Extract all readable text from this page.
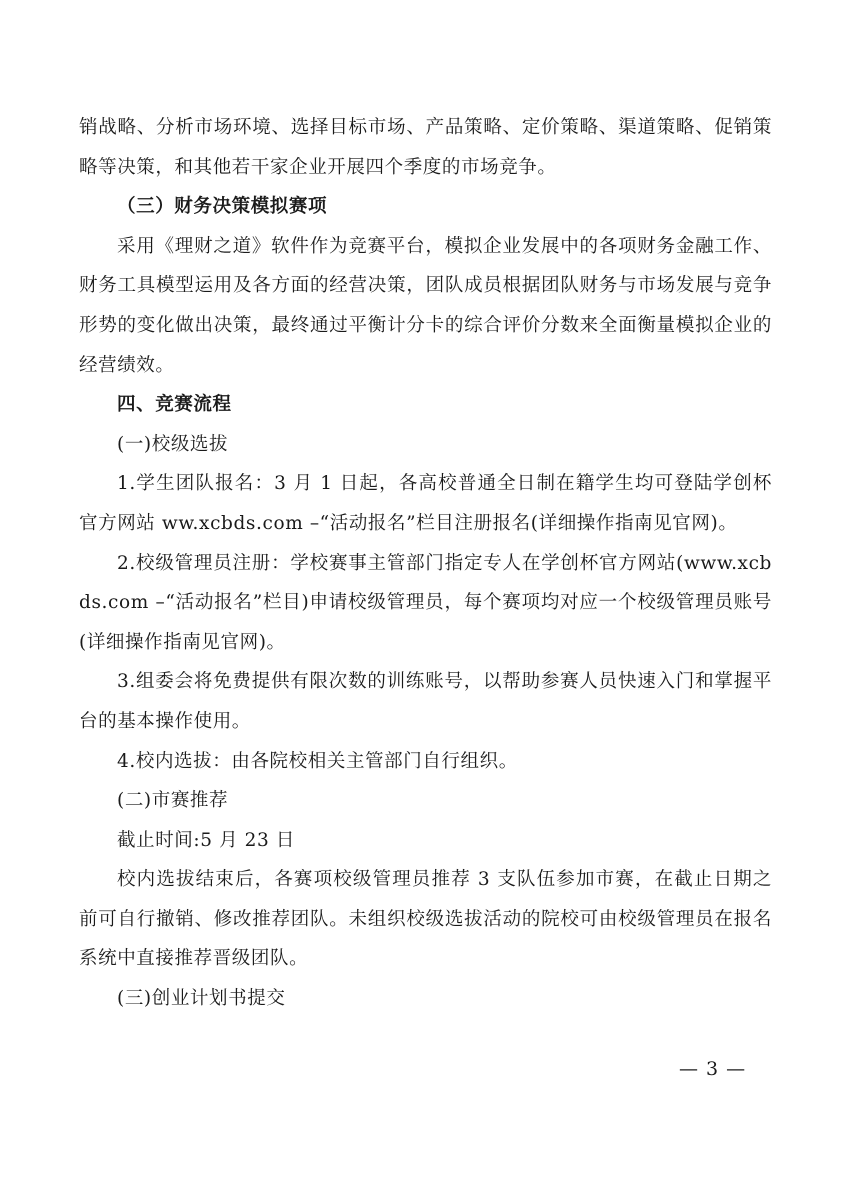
销战略、分析市场环境、选择目标市场、产品策略、定价策略、渠道策略、促销策略等决策，和其他若干家企业开展四个季度的市场竞争。

（三）财务决策模拟赛项

采用《理财之道》软件作为竞赛平台，模拟企业发展中的各项财务金融工作、财务工具模型运用及各方面的经营决策，团队成员根据团队财务与市场发展与竞争形势的变化做出决策，最终通过平衡计分卡的综合评价分数来全面衡量模拟企业的经营绩效。

四、竞赛流程

(一)校级选拔

1.学生团队报名：3 月 1 日起，各高校普通全日制在籍学生均可登陆学创杯官方网站 ww.xcbds.com –“活动报名”栏目注册报名(详细操作指南见官网)。

2.校级管理员注册：学校赛事主管部门指定专人在学创杯官方网站(www.xcbds.com –“活动报名”栏目)申请校级管理员，每个赛项均对应一个校级管理员账号(详细操作指南见官网)。

3.组委会将免费提供有限次数的训练账号，以帮助参赛人员快速入门和掌握平台的基本操作使用。

4.校内选拔：由各院校相关主管部门自行组织。

(二)市赛推荐

截止时间:5 月 23 日

校内选拔结束后，各赛项校级管理员推荐 3 支队伍参加市赛，在截止日期之前可自行撤销、修改推荐团队。未组织校级选拔活动的院校可由校级管理员在报名系统中直接推荐晋级团队。

(三)创业计划书提交

— 3 —
